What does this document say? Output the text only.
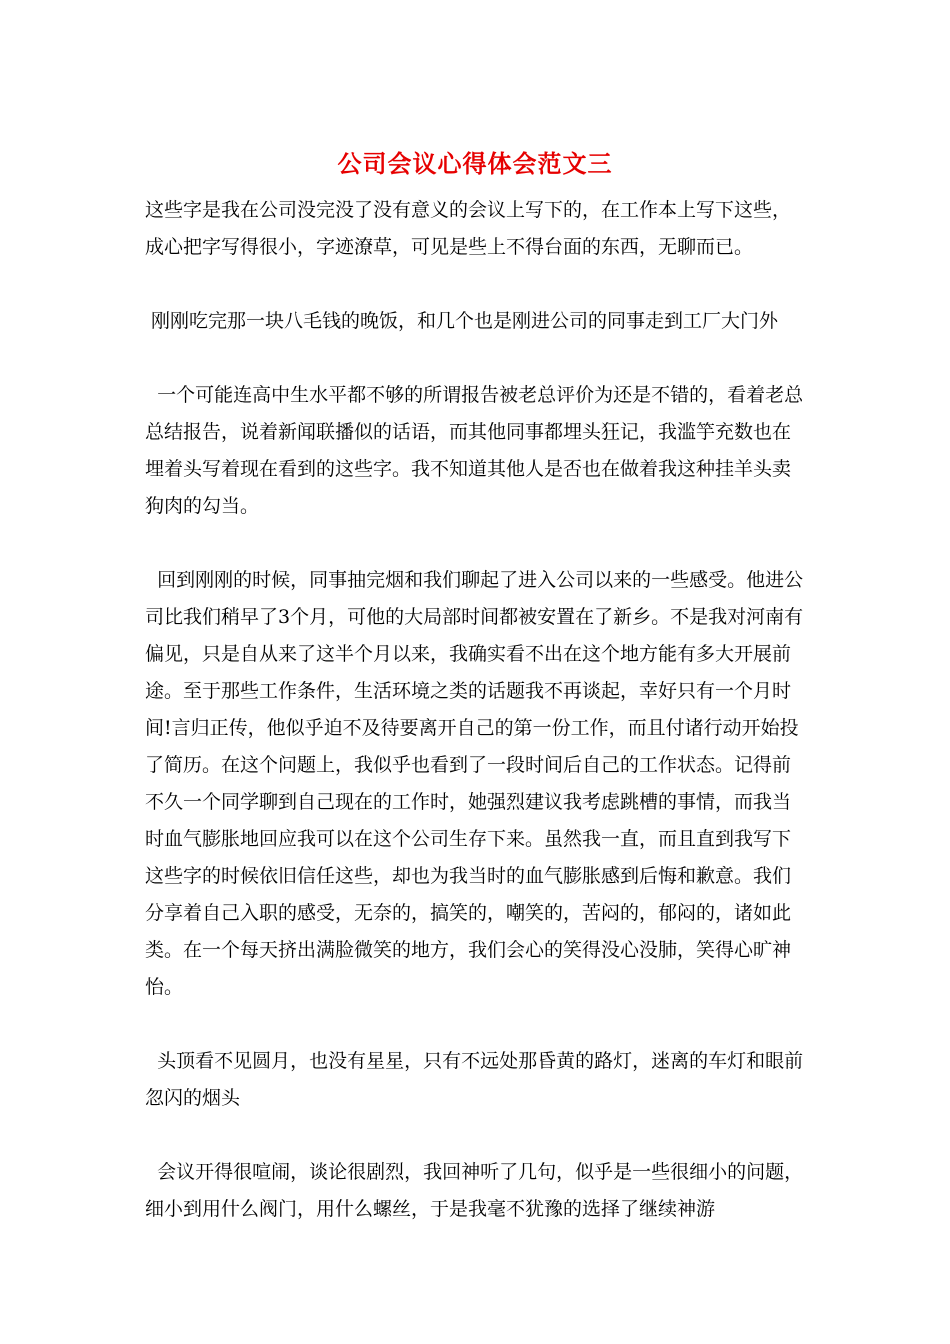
公司会议心得体会范文三

这些字是我在公司没完没了没有意义的会议上写下的，在工作本上写下这些，成心把字写得很小，字迹潦草，可见是些上不得台面的东西，无聊而已。

刚刚吃完那一块八毛钱的晚饭，和几个也是刚进公司的同事走到工厂大门外

一个可能连高中生水平都不够的所谓报告被老总评价为还是不错的，看着老总总结报告，说着新闻联播似的话语，而其他同事都埋头狂记，我滥竽充数也在埋着头写着现在看到的这些字。我不知道其他人是否也在做着我这种挂羊头卖狗肉的勾当。

回到刚刚的时候，同事抽完烟和我们聊起了进入公司以来的一些感受。他进公司比我们稍早了3个月，可他的大局部时间都被安置在了新乡。不是我对河南有偏见，只是自从来了这半个月以来，我确实看不出在这个地方能有多大开展前途。至于那些工作条件，生活环境之类的话题我不再谈起，幸好只有一个月时间!言归正传，他似乎迫不及待要离开自己的第一份工作，而且付诸行动开始投了简历。在这个问题上，我似乎也看到了一段时间后自己的工作状态。记得前不久一个同学聊到自己现在的工作时，她强烈建议我考虑跳槽的事情，而我当时血气膨胀地回应我可以在这个公司生存下来。虽然我一直，而且直到我写下这些字的时候依旧信任这些，却也为我当时的血气膨胀感到后悔和歉意。我们分享着自己入职的感受，无奈的，搞笑的，嘲笑的，苦闷的，郁闷的，诸如此类。在一个每天挤出满脸微笑的地方，我们会心的笑得没心没肺，笑得心旷神怡。

头顶看不见圆月，也没有星星，只有不远处那昏黄的路灯，迷离的车灯和眼前忽闪的烟头

会议开得很喧闹，谈论很剧烈，我回神听了几句，似乎是一些很细小的问题，细小到用什么阀门，用什么螺丝，于是我毫不犹豫的选择了继续神游
